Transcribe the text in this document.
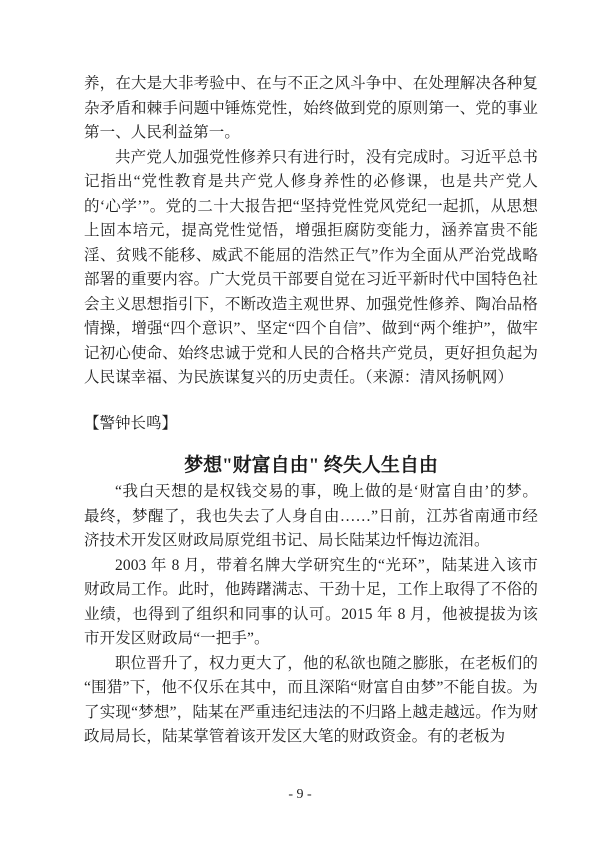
养，在大是大非考验中、在与不正之风斗争中、在处理解决各种复杂矛盾和棘手问题中锤炼党性，始终做到党的原则第一、党的事业第一、人民利益第一。

共产党人加强党性修养只有进行时，没有完成时。习近平总书记指出“党性教育是共产党人修身养性的必修课，也是共产党人的‘心学’”。党的二十大报告把“坚持党性党风党纪一起抓，从思想上固本培元，提高党性觉悟，增强拒腐防变能力，涵养富贵不能淫、贫贱不能移、威武不能屈的浩然正气”作为全面从严治党战略部署的重要内容。广大党员干部要自觉在习近平新时代中国特色社会主义思想指引下，不断改造主观世界、加强党性修养、陶冶品格情操，增强“四个意识”、坚定“四个自信”、做到“两个维护”，做牢记初心使命、始终忠诚于党和人民的合格共产党员，更好担负起为人民谋幸福、为民族谋复兴的历史责任。（来源：清风扬帆网）

【警钟长鸣】
梦想"财富自由" 终失人生自由

“我白天想的是权钱交易的事，晚上做的是‘财富自由’的梦。最终，梦醒了，我也失去了人身自由……”日前，江苏省南通市经济技术开发区财政局原党组书记、局长陆某边忏悔边流泪。

2003 年 8 月，带着名牌大学研究生的“光环”，陆某进入该市财政局工作。此时，他踌躇满志、干劲十足，工作上取得了不俗的业绩，也得到了组织和同事的认可。2015 年 8 月，他被提拔为该市开发区财政局“一把手”。

职位晋升了，权力更大了，他的私欲也随之膨胀，在老板们的“围猎”下，他不仅乐在其中，而且深陷“财富自由梦”不能自拔。为了实现“梦想”，陆某在严重违纪违法的不归路上越走越远。作为财政局局长，陆某掌管着该开发区大笔的财政资金。有的老板为

- 9 -
